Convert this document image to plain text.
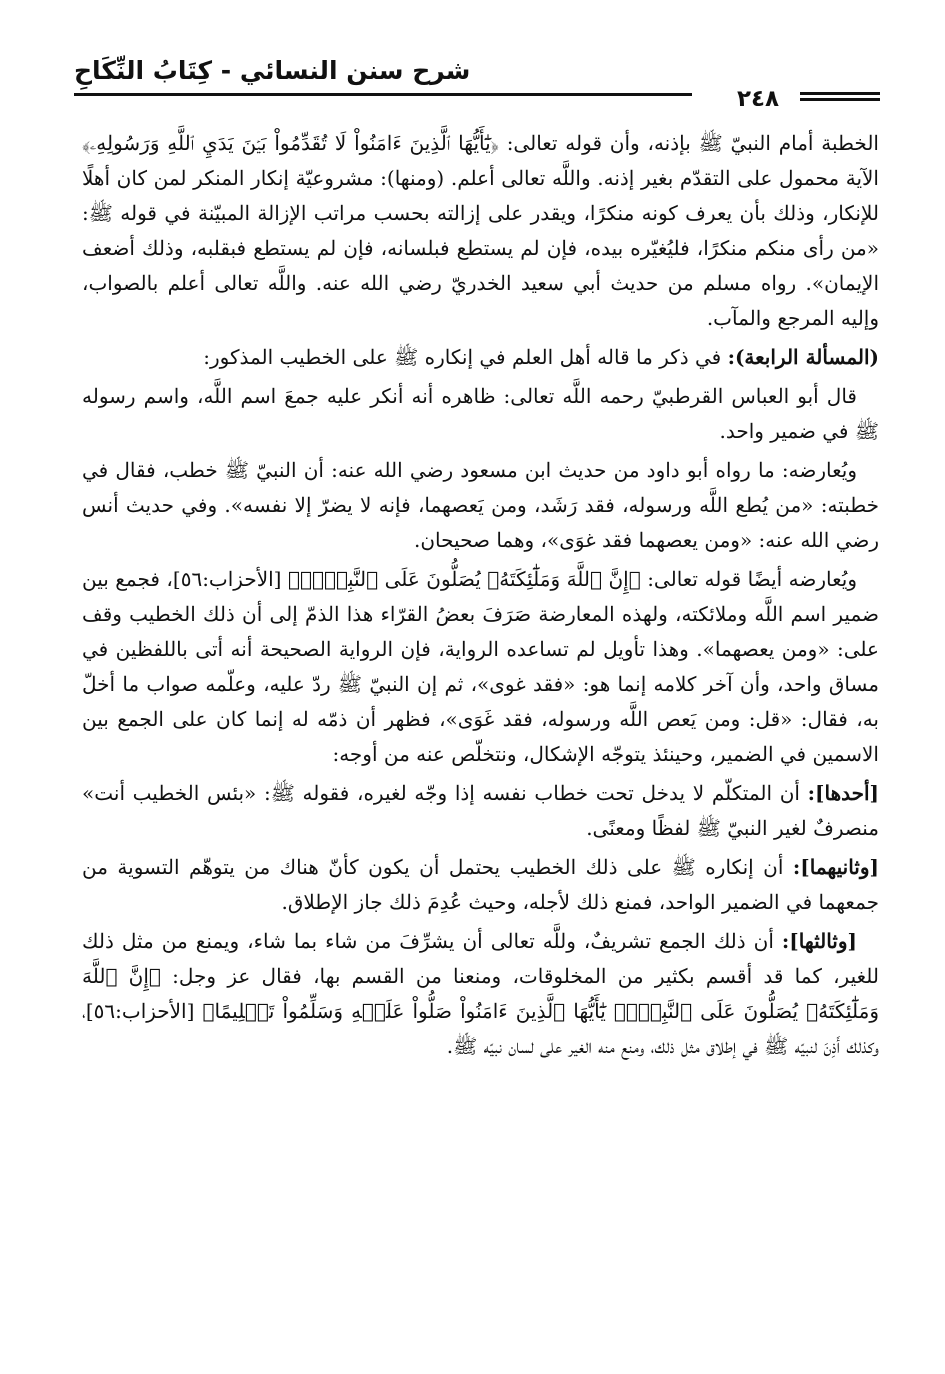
شرح سنن النسائي - كِتَابُ النِّكَاحِ
٢٤٨

الخطبة أمام النبيّ ﷺ بإذنه، وأن قوله تعالى: ﴿يَٰٓأَيُّهَا ٱلَّذِينَ ءَامَنُواْ لَا تُقَدِّمُواْ بَيۡنَ يَدَيِ ٱللَّهِ وَرَسُولِهِۦ﴾ الآية محمول على التقدّم بغير إذنه. واللَّه تعالى أعلم. (ومنها): مشروعيّة إنكار المنكر لمن كان أهلًا للإنكار، وذلك بأن يعرف كونه منكرًا، ويقدر على إزالته بحسب مراتب الإزالة المبيّنة في قوله ﷺ: «من رأى منكم منكرًا، فليُغيّره بيده، فإن لم يستطع فبلسانه، فإن لم يستطع فبقلبه، وذلك أضعف الإيمان». رواه مسلم من حديث أبي سعيد الخدريّ رضي الله عنه. واللَّه تعالى أعلم بالصواب، وإليه المرجع والمآب.

(المسألة الرابعة): في ذكر ما قاله أهل العلم في إنكاره ﷺ على الخطيب المذكور:

قال أبو العباس القرطبيّ رحمه اللَّه تعالى: ظاهره أنه أنكر عليه جمعَ اسم اللَّه، واسم رسوله ﷺ في ضمير واحد.

ويُعارضه: ما رواه أبو داود من حديث ابن مسعود رضي الله عنه: أن النبيّ ﷺ خطب، فقال في خطبته: «من يُطع اللَّه ورسوله، فقد رَشَد، ومن يَعصهما، فإنه لا يضرّ إلا نفسه». وفي حديث أنس رضي الله عنه: «ومن يعصهما فقد غوَى»، وهما صحيحان.

ويُعارضه أيضًا قوله تعالى: ﴿إِنَّ ٱللَّهَ وَمَلَٰٓئِكَتَهُۥ يُصَلُّونَ عَلَى ٱلنَّبِيِّۚ﴾ [الأحزاب:٥٦]، فجمع بين ضمير اسم اللَّه وملائكته، ولهذه المعارضة صَرَفَ بعضُ القرّاء هذا الذمّ إلى أن ذلك الخطيب وقف على: «ومن يعصهما». وهذا تأويل لم تساعده الرواية، فإن الرواية الصحيحة أنه أتى باللفظين في مساق واحد، وأن آخر كلامه إنما هو: «فقد غوى»، ثم إن النبيّ ﷺ ردّ عليه، وعلّمه صواب ما أخلّ به، فقال: «قل: ومن يَعص اللَّه ورسوله، فقد غَوَى»، فظهر أن ذمّه له إنما كان على الجمع بين الاسمين في الضمير، وحينئذ يتوجّه الإشكال، ونتخلّص عنه من أوجه:

[أحدها]: أن المتكلّم لا يدخل تحت خطاب نفسه إذا وجّه لغيره، فقوله ﷺ: «بئس الخطيب أنت» منصرفٌ لغير النبيّ ﷺ لفظًا ومعنًى.

[وثانيهما]: أن إنكاره ﷺ على ذلك الخطيب يحتمل أن يكون كأنّ هناك من يتوهّم التسوية من جمعهما في الضمير الواحد، فمنع ذلك لأجله، وحيث عُدِمَ ذلك جاز الإطلاق.

[وثالثها]: أن ذلك الجمع تشريفٌ، وللَّه تعالى أن يشرِّفَ من شاء بما شاء، ويمنع من مثل ذلك للغير، كما قد أقسم بكثير من المخلوقات، ومنعنا من القسم بها، فقال عز وجل: ﴿إِنَّ ٱللَّهَ وَمَلَٰٓئِكَتَهُۥ يُصَلُّونَ عَلَى ٱلنَّبِيِّۚ يَٰٓأَيُّهَا ٱلَّذِينَ ءَامَنُواْ صَلُّواْ عَلَيۡهِ وَسَلِّمُواْ تَسۡلِيمًا﴾ [الأحزاب:٥٦]، وكذلك أَذِنَ لنبيّه ﷺ في إطلاق مثل ذلك، ومنع منه الغير على لسان نبيّه ﷺ.
